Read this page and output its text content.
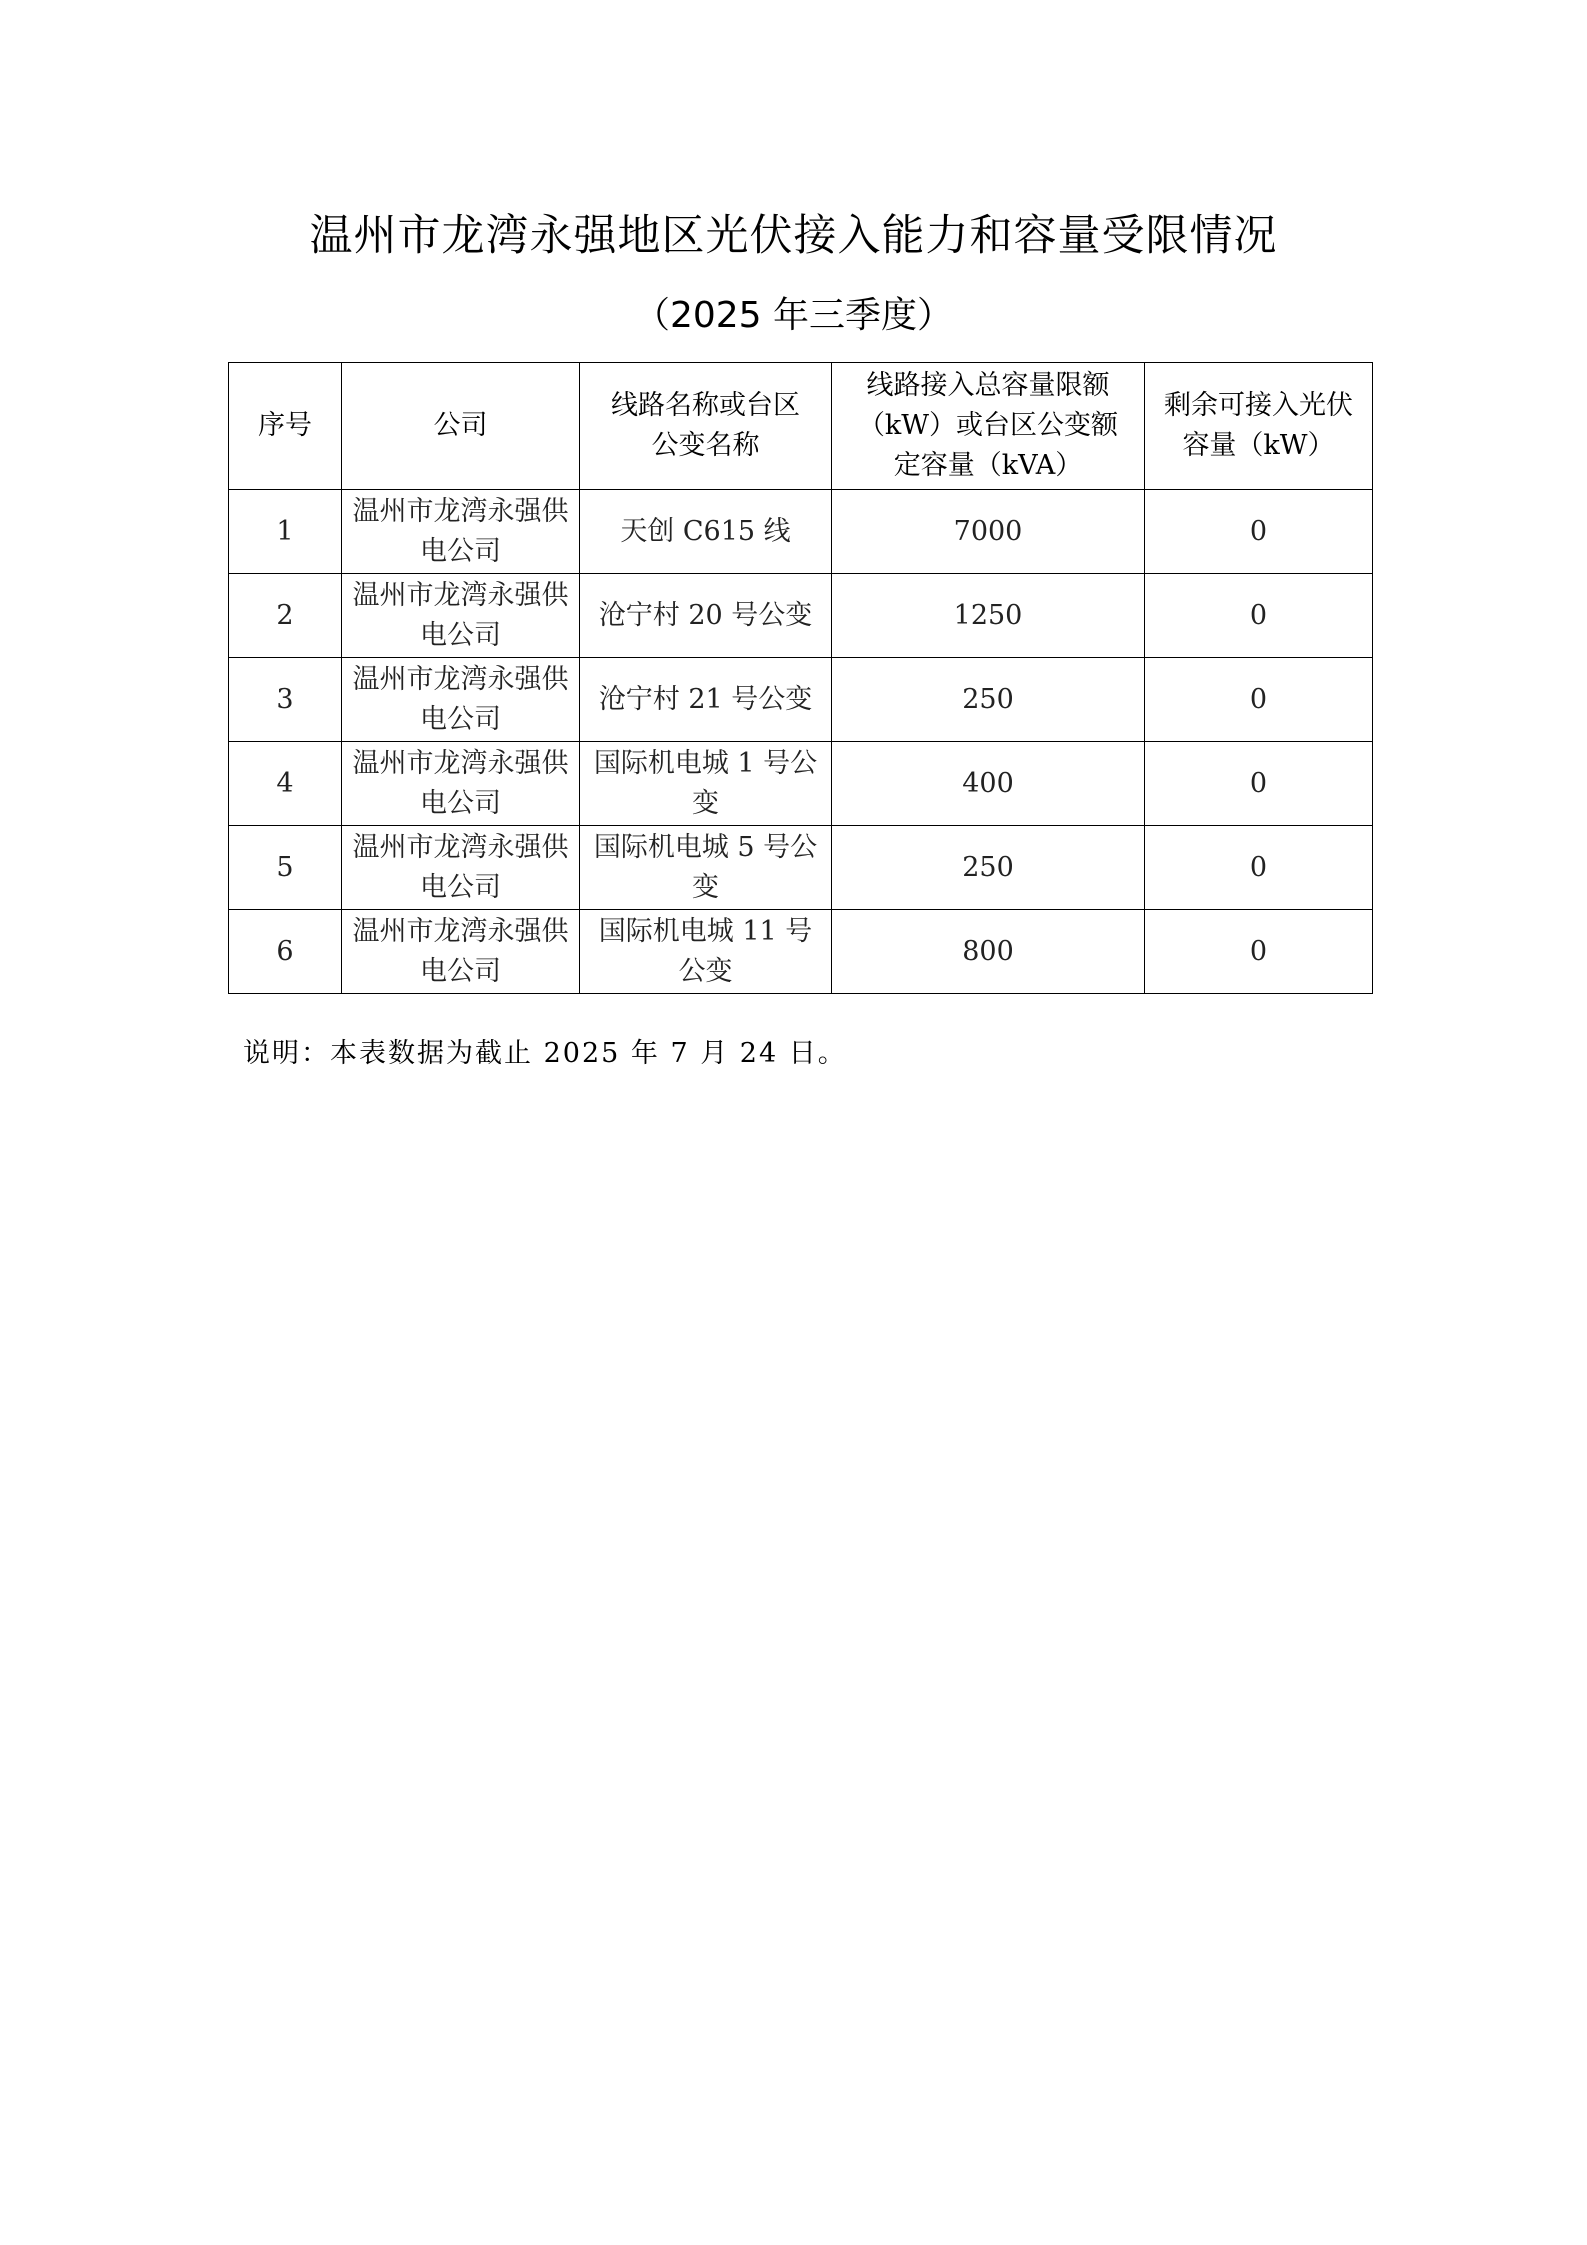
温州市龙湾永强地区光伏接入能力和容量受限情况
（2025 年三季度）
序号	公司	线路名称或台区公变名称	线路接入总容量限额（kW）或台区公变额定容量（kVA）	剩余可接入光伏容量（kW）
1	温州市龙湾永强供电公司	天创 C615 线	7000	0
2	温州市龙湾永强供电公司	沧宁村 20 号公变	1250	0
3	温州市龙湾永强供电公司	沧宁村 21 号公变	250	0
4	温州市龙湾永强供电公司	国际机电城 1 号公变	400	0
5	温州市龙湾永强供电公司	国际机电城 5 号公变	250	0
6	温州市龙湾永强供电公司	国际机电城 11 号公变	800	0
说明：本表数据为截止 2025 年 7 月 24 日。
